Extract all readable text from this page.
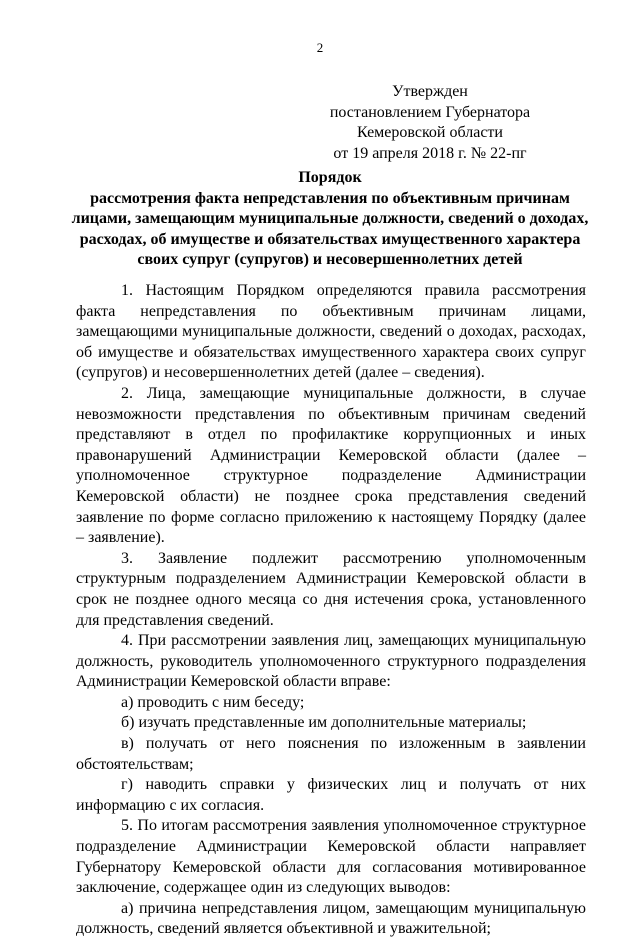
2
Утвержден
постановлением Губернатора
Кемеровской области
от 19 апреля 2018 г. № 22-пг
Порядок
рассмотрения факта непредставления по объективным причинам
лицами, замещающим муниципальные должности, сведений о доходах,
расходах, об имуществе и обязательствах имущественного характера
своих супруг (супругов) и несовершеннолетних детей

1. Настоящим Порядком определяются правила рассмотрения факта непредставления по объективным причинам лицами, замещающими муниципальные должности, сведений о доходах, расходах, об имуществе и обязательствах имущественного характера своих супруг (супругов) и несовершеннолетних детей (далее – сведения).

2. Лица, замещающие муниципальные должности, в случае невозможности представления по объективным причинам сведений представляют в отдел по профилактике коррупционных и иных правонарушений Администрации Кемеровской области (далее – уполномоченное структурное подразделение Администрации Кемеровской области) не позднее срока представления сведений заявление по форме согласно приложению к настоящему Порядку (далее – заявление).

3. Заявление подлежит рассмотрению уполномоченным структурным подразделением Администрации Кемеровской области в срок не позднее одного месяца со дня истечения срока, установленного для представления сведений.

4. При рассмотрении заявления лиц, замещающих муниципальную должность, руководитель уполномоченного структурного подразделения Администрации Кемеровской области вправе:

а) проводить с ним беседу;

б) изучать представленные им дополнительные материалы;

в) получать от него пояснения по изложенным в заявлении обстоятельствам;

г) наводить справки у физических лиц и получать от них информацию с их согласия.

5. По итогам рассмотрения заявления уполномоченное структурное подразделение Администрации Кемеровской области направляет Губернатору Кемеровской области для согласования мотивированное заключение, содержащее один из следующих выводов:

а) причина непредставления лицом, замещающим муниципальную должность, сведений является объективной и уважительной;
